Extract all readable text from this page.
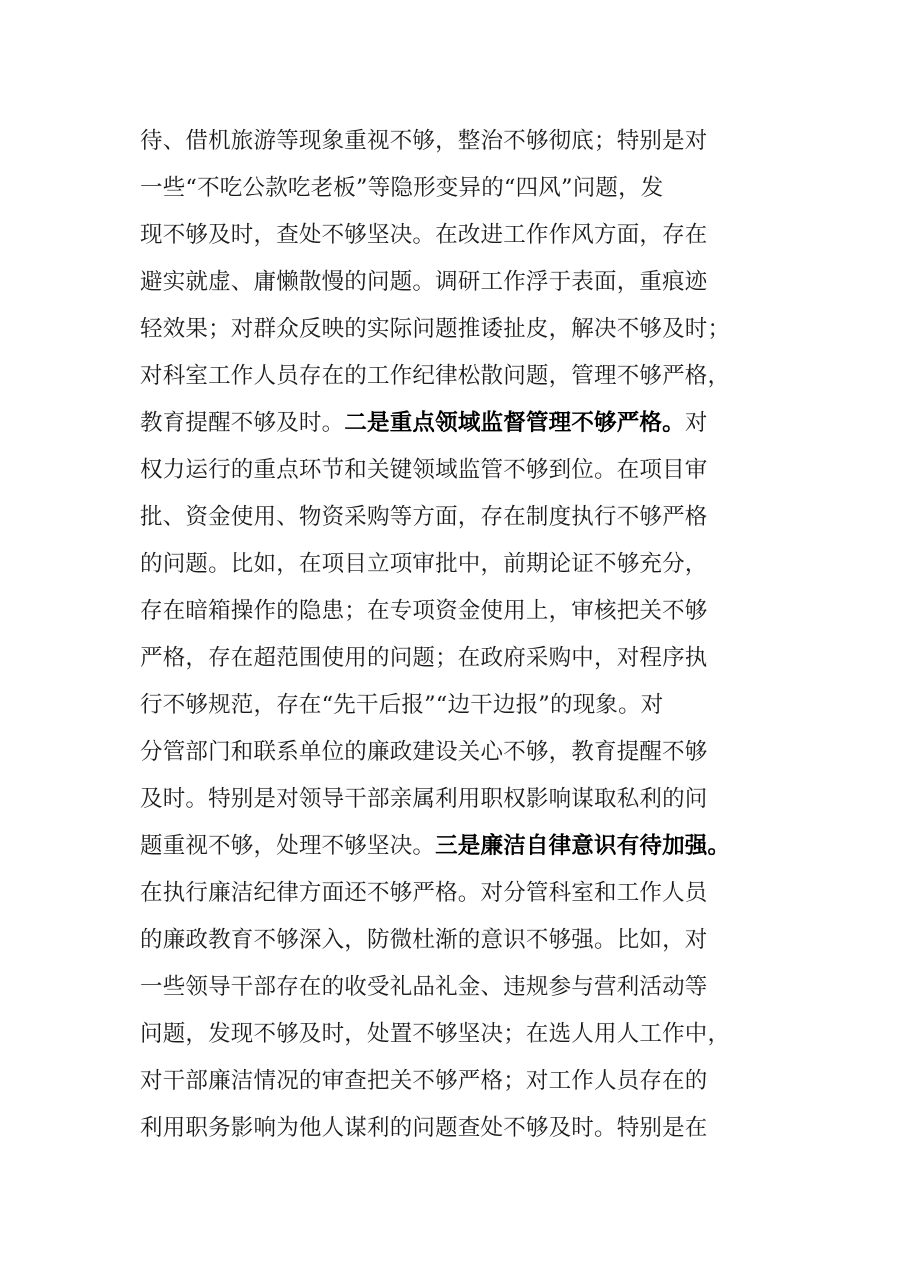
待、借机旅游等现象重视不够，整治不够彻底；特别是对
一些“不吃公款吃老板”等隐形变异的“四风”问题，发
现不够及时，查处不够坚决。在改进工作作风方面，存在
避实就虚、庸懒散慢的问题。调研工作浮于表面，重痕迹
轻效果；对群众反映的实际问题推诿扯皮，解决不够及时；
对科室工作人员存在的工作纪律松散问题，管理不够严格，
教育提醒不够及时。二是重点领域监督管理不够严格。对
权力运行的重点环节和关键领域监管不够到位。在项目审
批、资金使用、物资采购等方面，存在制度执行不够严格
的问题。比如，在项目立项审批中，前期论证不够充分，
存在暗箱操作的隐患；在专项资金使用上，审核把关不够
严格，存在超范围使用的问题；在政府采购中，对程序执
行不够规范，存在“先干后报”“边干边报”的现象。对
分管部门和联系单位的廉政建设关心不够，教育提醒不够
及时。特别是对领导干部亲属利用职权影响谋取私利的问
题重视不够，处理不够坚决。三是廉洁自律意识有待加强。
在执行廉洁纪律方面还不够严格。对分管科室和工作人员
的廉政教育不够深入，防微杜渐的意识不够强。比如，对
一些领导干部存在的收受礼品礼金、违规参与营利活动等
问题，发现不够及时，处置不够坚决；在选人用人工作中，
对干部廉洁情况的审查把关不够严格；对工作人员存在的
利用职务影响为他人谋利的问题查处不够及时。特别是在
